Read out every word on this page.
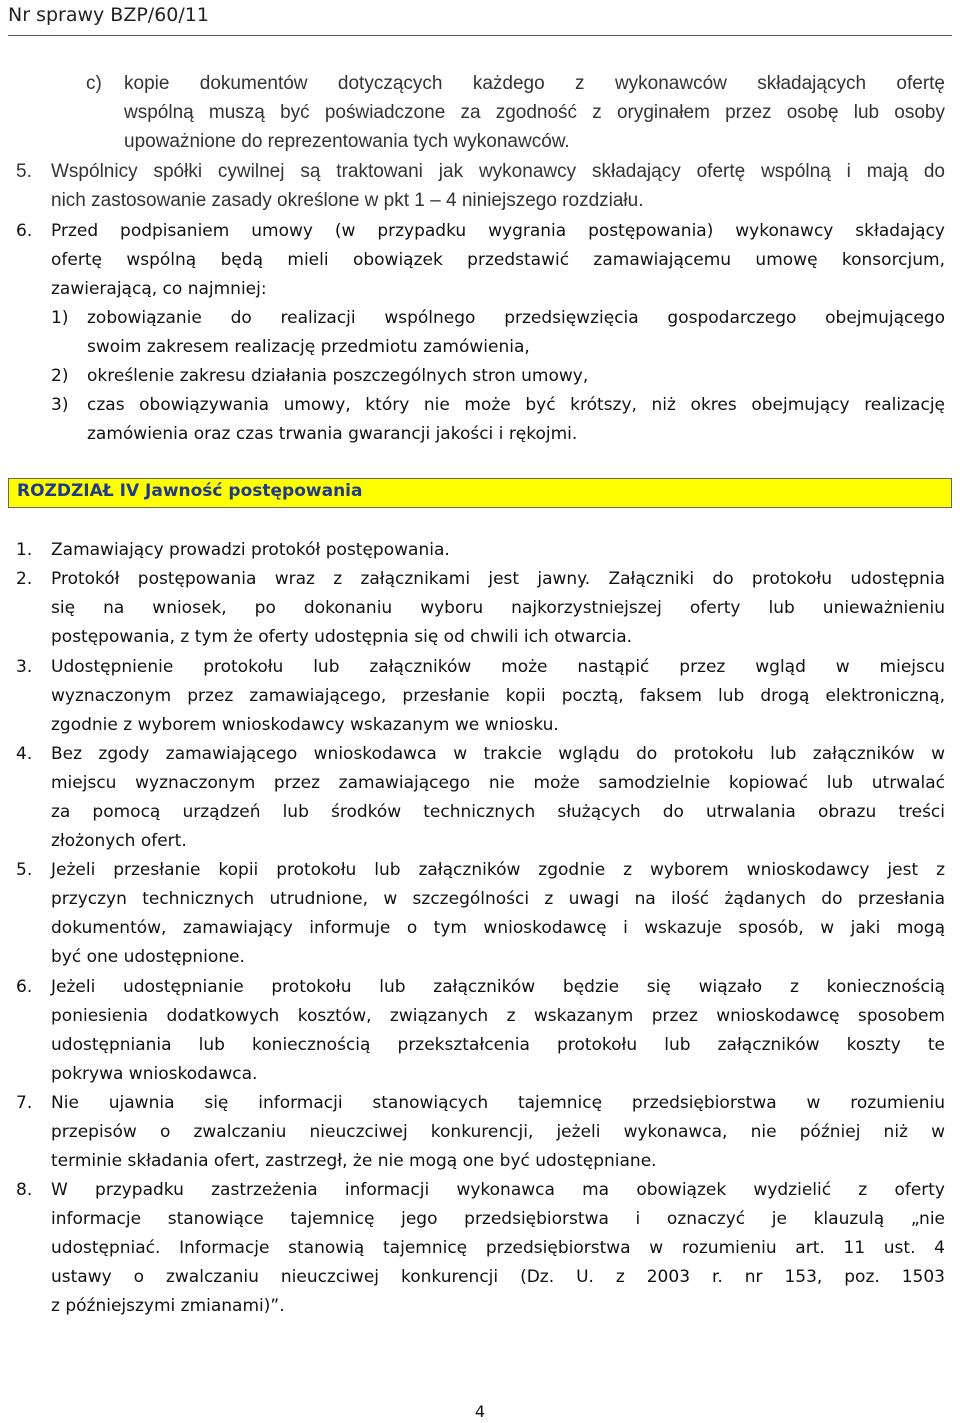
Nr sprawy BZP/60/11
c) kopie dokumentów dotyczących każdego z wykonawców składających ofertę
wspólną muszą być poświadczone za zgodność z oryginałem przez osobę lub osoby
upoważnione do reprezentowania tych wykonawców.
5. Wspólnicy spółki cywilnej są traktowani jak wykonawcy składający ofertę wspólną i mają do
nich zastosowanie zasady określone w pkt 1 – 4 niniejszego rozdziału.
6. Przed podpisaniem umowy (w przypadku wygrania postępowania) wykonawcy składający
ofertę wspólną będą mieli obowiązek przedstawić zamawiającemu umowę konsorcjum,
zawierającą, co najmniej:
1) zobowiązanie do realizacji wspólnego przedsięwzięcia gospodarczego obejmującego
swoim zakresem realizację przedmiotu zamówienia,
2) określenie zakresu działania poszczególnych stron umowy,
3) czas obowiązywania umowy, który nie może być krótszy, niż okres obejmujący realizację
zamówienia oraz czas trwania gwarancji jakości i rękojmi.
1. Zamawiający prowadzi protokół postępowania.
2. Protokół postępowania wraz z załącznikami jest jawny. Załączniki do protokołu udostępnia
się na wniosek, po dokonaniu wyboru najkorzystniejszej oferty lub unieważnieniu
postępowania, z tym że oferty udostępnia się od chwili ich otwarcia.
3. Udostępnienie protokołu lub załączników może nastąpić przez wgląd w miejscu
wyznaczonym przez zamawiającego, przesłanie kopii pocztą, faksem lub drogą elektroniczną,
zgodnie z wyborem wnioskodawcy wskazanym we wniosku.
4. Bez zgody zamawiającego wnioskodawca w trakcie wglądu do protokołu lub załączników w
miejscu wyznaczonym przez zamawiającego nie może samodzielnie kopiować lub utrwalać
za pomocą urządzeń lub środków technicznych służących do utrwalania obrazu treści
złożonych ofert.
5. Jeżeli przesłanie kopii protokołu lub załączników zgodnie z wyborem wnioskodawcy jest z
przyczyn technicznych utrudnione, w szczególności z uwagi na ilość żądanych do przesłania
dokumentów, zamawiający informuje o tym wnioskodawcę i wskazuje sposób, w jaki mogą
być one udostępnione.
6. Jeżeli udostępnianie protokołu lub załączników będzie się wiązało z koniecznością
poniesienia dodatkowych kosztów, związanych z wskazanym przez wnioskodawcę sposobem
udostępniania lub koniecznością przekształcenia protokołu lub załączników koszty te
pokrywa wnioskodawca.
7. Nie ujawnia się informacji stanowiących tajemnicę przedsiębiorstwa w rozumieniu
przepisów o zwalczaniu nieuczciwej konkurencji, jeżeli wykonawca, nie później niż w
terminie składania ofert, zastrzegł, że nie mogą one być udostępniane.
8. W przypadku zastrzeżenia informacji wykonawca ma obowiązek wydzielić z oferty
informacje stanowiące tajemnicę jego przedsiębiorstwa i oznaczyć je klauzulą „nie
udostępniać. Informacje stanowią tajemnicę przedsiębiorstwa w rozumieniu art. 11 ust. 4
ustawy o zwalczaniu nieuczciwej konkurencji (Dz. U. z 2003 r. nr 153, poz. 1503
z późniejszymi zmianami)”.
ROZDZIAŁ IV Jawność postępowania
4
